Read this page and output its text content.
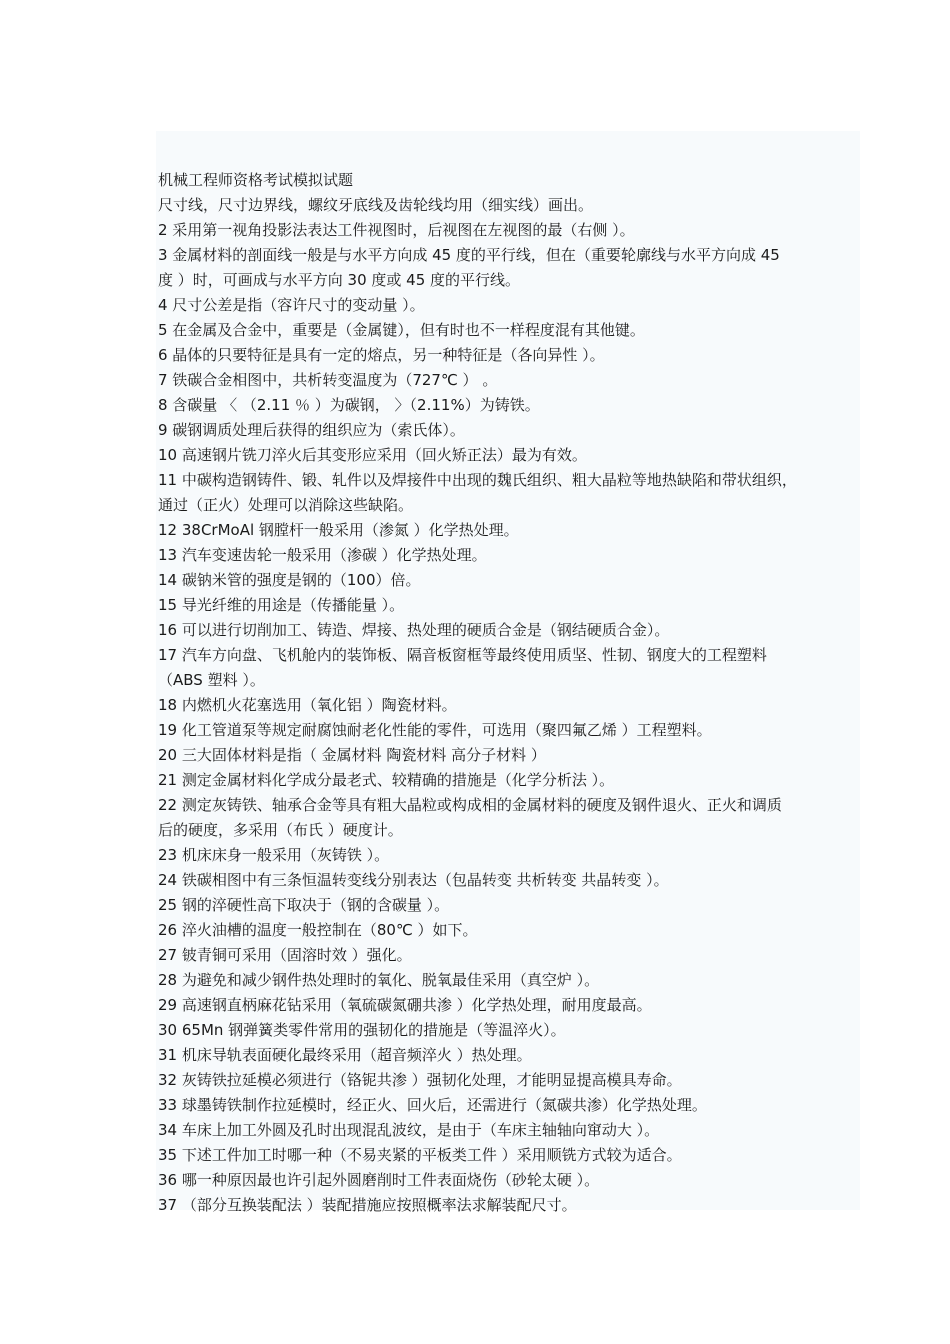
机械工程师资格考试模拟试题
尺寸线，尺寸边界线，螺纹牙底线及齿轮线均用（细实线）画出。
2 采用第一视角投影法表达工件视图时，后视图在左视图的最（右侧 ）。
3 金属材料的剖面线一般是与水平方向成 45 度的平行线，但在（重要轮廓线与水平方向成 45
度 ）时，可画成与水平方向 30 度或 45 度的平行线。
4 尺寸公差是指（容许尺寸的变动量 ）。
5 在金属及合金中，重要是（金属键），但有时也不一样程度混有其他键。
6 晶体的只要特征是具有一定的熔点，另一种特征是（各向异性 ）。
7 铁碳合金相图中，共析转变温度为（727℃ ） 。
8 含碳量 〈 （2.11 ％ ）为碳钢， 〉（2.11%）为铸铁。
9 碳钢调质处理后获得的组织应为（索氏体）。
10 高速钢片铣刀淬火后其变形应采用（回火矫正法）最为有效。
11 中碳构造钢铸件、锻、轧件以及焊接件中出现的魏氏组织、粗大晶粒等地热缺陷和带状组织，
通过（正火）处理可以消除这些缺陷。
12 38CrMoAl 钢膛杆一般采用（渗氮 ）化学热处理。
13 汽车变速齿轮一般采用（渗碳 ）化学热处理。
14 碳钠米管的强度是钢的（100）倍。
15 导光纤维的用途是（传播能量 ）。
16 可以进行切削加工、铸造、焊接、热处理的硬质合金是（钢结硬质合金）。
17 汽车方向盘、飞机舱内的装饰板、隔音板窗框等最终使用质坚、性韧、钢度大的工程塑料
（ABS 塑料 ）。
18 内燃机火花塞选用（氧化铝 ）陶瓷材料。
19 化工管道泵等规定耐腐蚀耐老化性能的零件，可选用（聚四氟乙烯 ）工程塑料。
20 三大固体材料是指（ 金属材料 陶瓷材料 高分子材料 ）
21 测定金属材料化学成分最老式、较精确的措施是（化学分析法 ）。
22 测定灰铸铁、轴承合金等具有粗大晶粒或构成相的金属材料的硬度及钢件退火、正火和调质
后的硬度，多采用（布氏 ）硬度计。
23 机床床身一般采用（灰铸铁 ）。
24 铁碳相图中有三条恒温转变线分别表达（包晶转变 共析转变 共晶转变 ）。
25 钢的淬硬性高下取决于（钢的含碳量 ）。
26 淬火油槽的温度一般控制在（80℃ ）如下。
27 铍青铜可采用（固溶时效 ）强化。
28 为避免和减少钢件热处理时的氧化、脱氧最佳采用（真空炉 ）。
29 高速钢直柄麻花钻采用（氧硫碳氮硼共渗 ）化学热处理，耐用度最高。
30 65Mn 钢弹簧类零件常用的强韧化的措施是（等温淬火）。
31 机床导轨表面硬化最终采用（超音频淬火 ）热处理。
32 灰铸铁拉延模必须进行（铬铌共渗 ）强韧化处理，才能明显提高模具寿命。
33 球墨铸铁制作拉延模时，经正火、回火后，还需进行（氮碳共渗）化学热处理。
34 车床上加工外圆及孔时出现混乱波纹，是由于（车床主轴轴向窜动大 ）。
35 下述工件加工时哪一种（不易夹紧的平板类工件 ）采用顺铣方式较为适合。
36 哪一种原因最也许引起外圆磨削时工件表面烧伤（砂轮太硬 ）。
37 （部分互换装配法 ）装配措施应按照概率法求解装配尺寸。
